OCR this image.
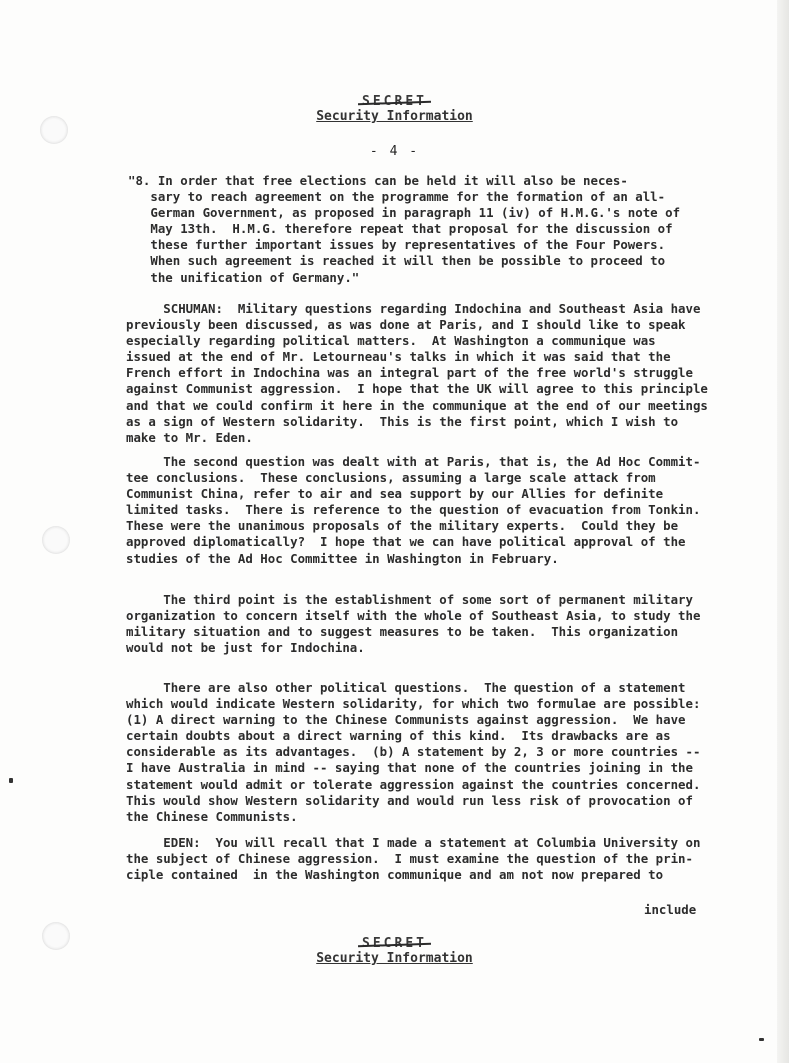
SECRET
Security Information
- 4 -
"8. In order that free elections can be held it will also be neces-
sary to reach agreement on the programme for the formation of an all-
German Government, as proposed in paragraph 11 (iv) of H.M.G.'s note of
May 13th.  H.M.G. therefore repeat that proposal for the discussion of
these further important issues by representatives of the Four Powers.
When such agreement is reached it will then be possible to proceed to
the unification of Germany."
SCHUMAN:  Military questions regarding Indochina and Southeast Asia have
previously been discussed, as was done at Paris, and I should like to speak
especially regarding political matters.  At Washington a communique was
issued at the end of Mr. Letourneau's talks in which it was said that the
French effort in Indochina was an integral part of the free world's struggle
against Communist aggression.  I hope that the UK will agree to this principle
and that we could confirm it here in the communique at the end of our meetings
as a sign of Western solidarity.  This is the first point, which I wish to
make to Mr. Eden.
The second question was dealt with at Paris, that is, the Ad Hoc Commit-
tee conclusions.  These conclusions, assuming a large scale attack from
Communist China, refer to air and sea support by our Allies for definite
limited tasks.  There is reference to the question of evacuation from Tonkin.
These were the unanimous proposals of the military experts.  Could they be
approved diplomatically?  I hope that we can have political approval of the
studies of the Ad Hoc Committee in Washington in February.
The third point is the establishment of some sort of permanent military
organization to concern itself with the whole of Southeast Asia, to study the
military situation and to suggest measures to be taken.  This organization
would not be just for Indochina.
There are also other political questions.  The question of a statement
which would indicate Western solidarity, for which two formulae are possible:
(1) A direct warning to the Chinese Communists against aggression.  We have
certain doubts about a direct warning of this kind.  Its drawbacks are as
considerable as its advantages.  (b) A statement by 2, 3 or more countries --
I have Australia in mind -- saying that none of the countries joining in the
statement would admit or tolerate aggression against the countries concerned.
This would show Western solidarity and would run less risk of provocation of
the Chinese Communists.
EDEN:  You will recall that I made a statement at Columbia University on
the subject of Chinese aggression.  I must examine the question of the prin-
ciple contained  in the Washington communique and am not now prepared to
include
SECRET
Security Information
